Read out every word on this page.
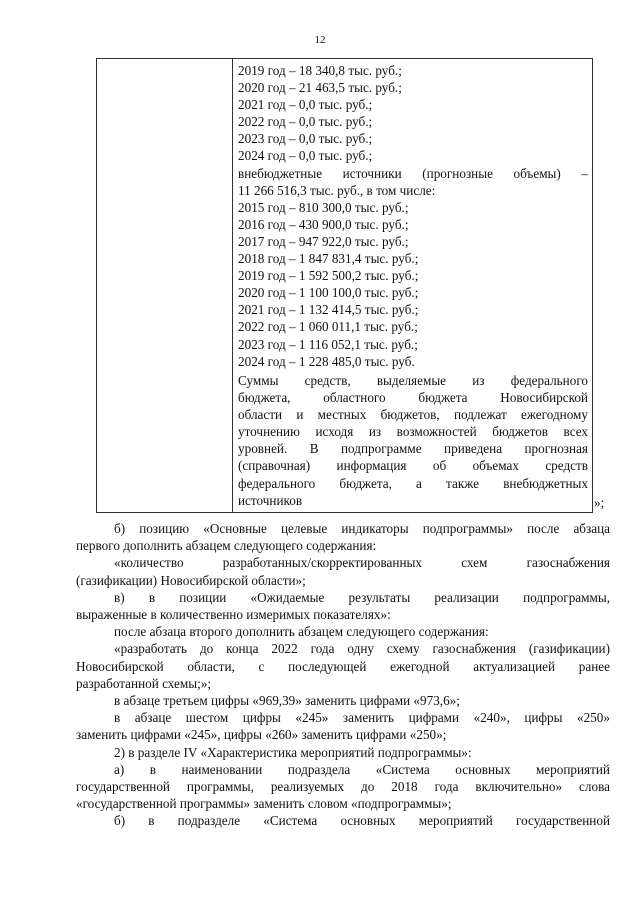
12
2019 год – 18 340,8 тыс. руб.;
2020 год – 21 463,5 тыс. руб.;
2021 год – 0,0 тыс. руб.;
2022 год – 0,0 тыс. руб.;
2023 год – 0,0 тыс. руб.;
2024 год – 0,0 тыс. руб.;
внебюджетные источники (прогнозные объемы) –
11 266 516,3 тыс. руб., в том числе:
2015 год – 810 300,0 тыс. руб.;
2016 год – 430 900,0 тыс. руб.;
2017 год – 947 922,0 тыс. руб.;
2018 год – 1 847 831,4 тыс. руб.;
2019 год – 1 592 500,2 тыс. руб.;
2020 год – 1 100 100,0 тыс. руб.;
2021 год – 1 132 414,5 тыс. руб.;
2022 год – 1 060 011,1 тыс. руб.;
2023 год – 1 116 052,1 тыс. руб.;
2024 год – 1 228 485,0 тыс. руб.
Суммы средств, выделяемые из федерального
бюджета, областного бюджета Новосибирской
области и местных бюджетов, подлежат ежегодному
уточнению исходя из возможностей бюджетов всех
уровней. В подпрограмме приведена прогнозная
(справочная) информация об объемах средств
федерального бюджета, а также внебюджетных
источников	»;
б) позицию «Основные целевые индикаторы подпрограммы» после абзаца
первого дополнить абзацем следующего содержания:
«количество разработанных/скорректированных схем газоснабжения
(газификации) Новосибирской области»;
в) в позиции «Ожидаемые результаты реализации подпрограммы,
выраженные в количественно измеримых показателях»:
после абзаца второго дополнить абзацем следующего содержания:
«разработать до конца 2022 года одну схему газоснабжения (газификации)
Новосибирской области, с последующей ежегодной актуализацией ранее
разработанной схемы;»;
в абзаце третьем цифры «969,39» заменить цифрами «973,6»;
в абзаце шестом цифры «245» заменить цифрами «240», цифры «250»
заменить цифрами «245», цифры «260» заменить цифрами «250»;
2) в разделе IV «Характеристика мероприятий подпрограммы»:
а) в наименовании подраздела «Система основных мероприятий
государственной программы, реализуемых до 2018 года включительно» слова
«государственной программы» заменить словом «подпрограммы»;
б) в подразделе «Система основных мероприятий государственной
